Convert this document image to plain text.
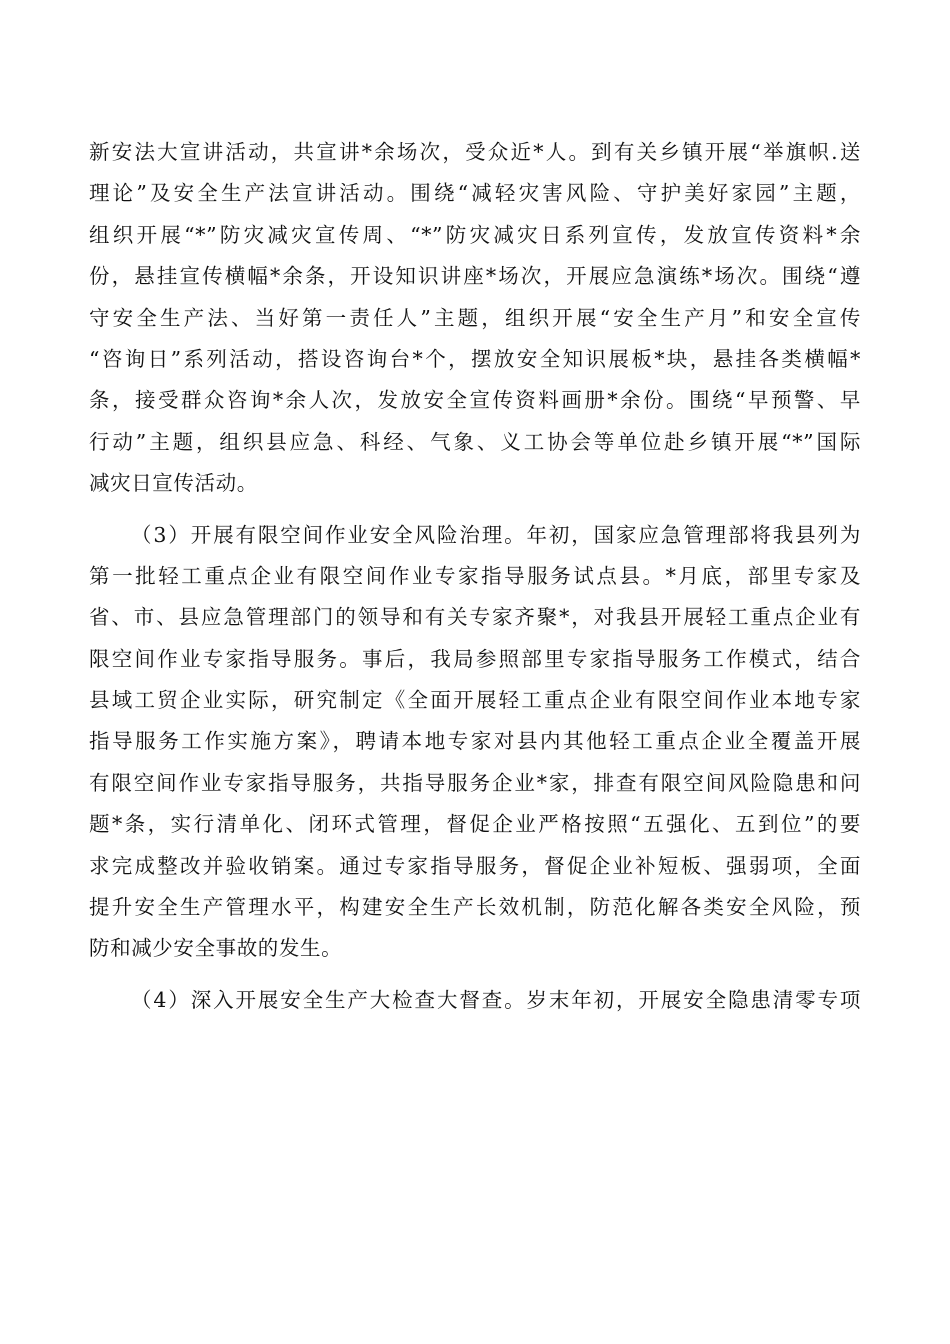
新安法大宣讲活动，共宣讲*余场次，受众近*人。到有关乡镇开展“举旗帜.送
理论”及安全生产法宣讲活动。围绕“减轻灾害风险、守护美好家园”主题，
组织开展“*”防灾减灾宣传周、“*”防灾减灾日系列宣传，发放宣传资料*余
份，悬挂宣传横幅*余条，开设知识讲座*场次，开展应急演练*场次。围绕“遵
守安全生产法、当好第一责任人”主题，组织开展“安全生产月”和安全宣传
“咨询日”系列活动，搭设咨询台*个，摆放安全知识展板*块，悬挂各类横幅*
条，接受群众咨询*余人次，发放安全宣传资料画册*余份。围绕“早预警、早
行动”主题，组织县应急、科经、气象、义工协会等单位赴乡镇开展“*”国际
减灾日宣传活动。
（3）开展有限空间作业安全风险治理。年初，国家应急管理部将我县列为
第一批轻工重点企业有限空间作业专家指导服务试点县。*月底，部里专家及
省、市、县应急管理部门的领导和有关专家齐聚*，对我县开展轻工重点企业有
限空间作业专家指导服务。事后，我局参照部里专家指导服务工作模式，结合
县域工贸企业实际，研究制定《全面开展轻工重点企业有限空间作业本地专家
指导服务工作实施方案》，聘请本地专家对县内其他轻工重点企业全覆盖开展
有限空间作业专家指导服务，共指导服务企业*家，排查有限空间风险隐患和问
题*条，实行清单化、闭环式管理，督促企业严格按照“五强化、五到位”的要
求完成整改并验收销案。通过专家指导服务，督促企业补短板、强弱项，全面
提升安全生产管理水平，构建安全生产长效机制，防范化解各类安全风险，预
防和减少安全事故的发生。
（4）深入开展安全生产大检查大督查。岁末年初，开展安全隐患清零专项
